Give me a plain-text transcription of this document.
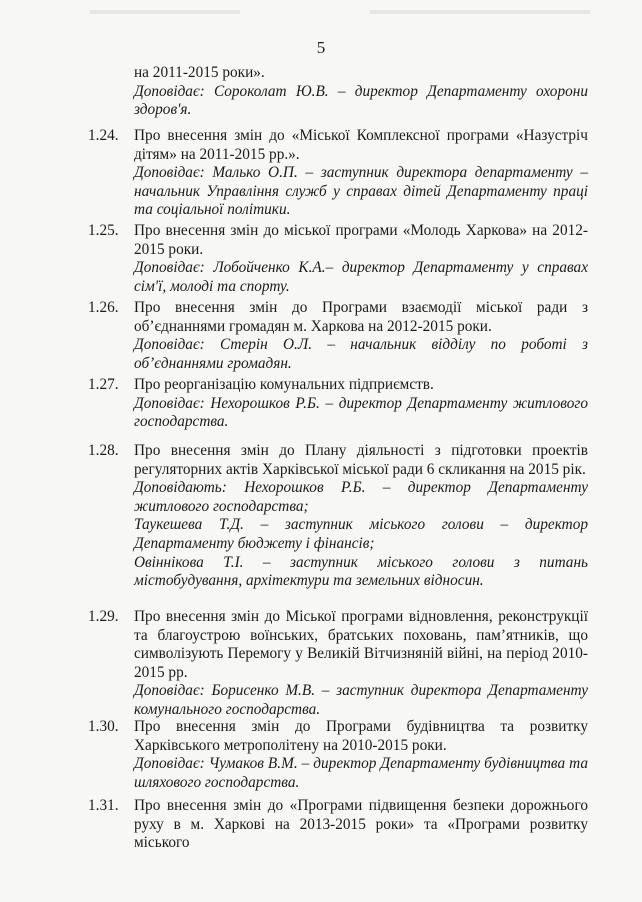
5

на 2011-2015 роки».

Доповідає: Сороколат Ю.В. – директор Департаменту охорони здоров'я.

1.24.	Про внесення змін до «Міської Комплексної програми «Назустріч дітям» на 2011-2015 рр.».

Доповідає: Малько О.П. – заступник директора департаменту – начальник Управління служб у справах дітей Департаменту праці та соціальної політики.

1.25.	Про внесення змін до міської програми «Молодь Харкова» на 2012-2015 роки.

Доповідає: Лобойченко К.А.– директор Департаменту у справах сім'ї, молоді та спорту.

1.26.	Про внесення змін до Програми взаємодії міської ради з об’єднаннями громадян м. Харкова на 2012-2015 роки.

Доповідає: Стерін О.Л. – начальник відділу по роботі з об’єднаннями громадян.

1.27.	Про реорганізацію комунальних підприємств.

Доповідає: Нехорошков Р.Б. – директор Департаменту житлового господарства.

1.28.	Про внесення змін до Плану діяльності з підготовки проектів регуляторних актів Харківської міської ради 6 скликання на 2015 рік.

Доповідають: Нехорошков Р.Б. – директор Департаменту житлового господарства;

Таукешева Т.Д. – заступник міського голови – директор Департаменту бюджету і фінансів;

Овіннікова Т.І. – заступник міського голови з питань містобудування, архітектури та земельних відносин.

1.29.	Про внесення змін до Міської програми відновлення, реконструкції та благоустрою воїнських, братських поховань, пам’ятників, що символізують Перемогу у Великій Вітчизняній війні, на період 2010-2015 рр.

Доповідає: Борисенко М.В. – заступник директора Департаменту комунального господарства.

1.30.	Про внесення змін до Програми будівництва та розвитку Харківського метрополітену на 2010-2015 роки.

Доповідає: Чумаков В.М. – директор Департаменту будівництва та шляхового господарства.

1.31.	Про внесення змін до «Програми підвищення безпеки дорожнього руху в м. Харкові на 2013-2015 роки» та «Програми розвитку міського
